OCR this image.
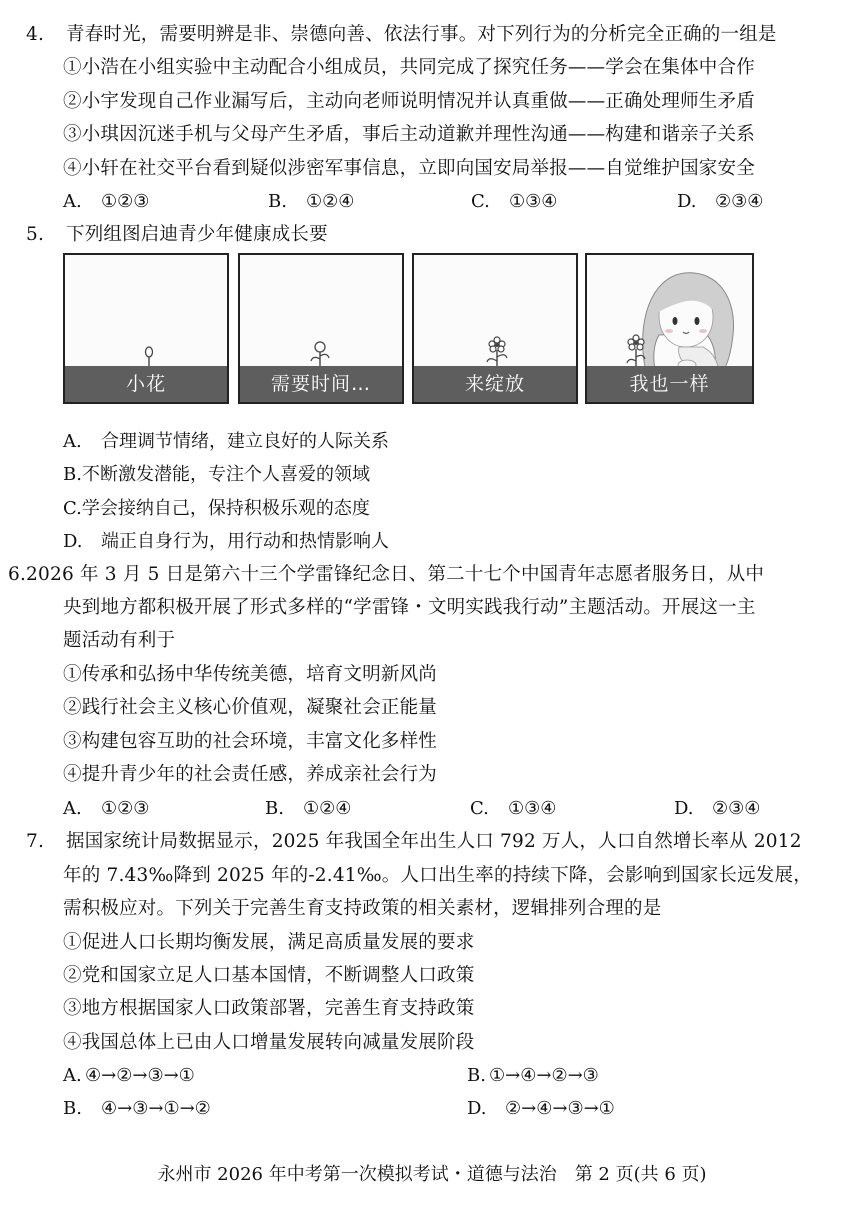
4. 青春时光，需要明辨是非、崇德向善、依法行事。对下列行为的分析完全正确的一组是
①小浩在小组实验中主动配合小组成员，共同完成了探究任务——学会在集体中合作
②小宇发现自己作业漏写后，主动向老师说明情况并认真重做——正确处理师生矛盾
③小琪因沉迷手机与父母产生矛盾，事后主动道歉并理性沟通——构建和谐亲子关系
④小轩在社交平台看到疑似涉密军事信息，立即向国安局举报——自觉维护国家安全
A. ①②③	B. ①②④	C. ①③④	D. ②③④
5. 下列组图启迪青少年健康成长要
小花	需要时间…	来绽放	我也一样
A. 合理调节情绪，建立良好的人际关系
B.不断激发潜能，专注个人喜爱的领域
C.学会接纳自己，保持积极乐观的态度
D. 端正自身行为，用行动和热情影响人
6.2026 年 3 月 5 日是第六十三个学雷锋纪念日、第二十七个中国青年志愿者服务日，从中
央到地方都积极开展了形式多样的“学雷锋・文明实践我行动”主题活动。开展这一主
题活动有利于
①传承和弘扬中华传统美德，培育文明新风尚
②践行社会主义核心价值观，凝聚社会正能量
③构建包容互助的社会环境，丰富文化多样性
④提升青少年的社会责任感，养成亲社会行为
A. ①②③	B. ①②④	C. ①③④	D. ②③④
7. 据国家统计局数据显示，2025 年我国全年出生人口 792 万人，人口自然增长率从 2012
年的 7.43‰降到 2025 年的-2.41‰。人口出生率的持续下降，会影响到国家长远发展，
需积极应对。下列关于完善生育支持政策的相关素材，逻辑排列合理的是
①促进人口长期均衡发展，满足高质量发展的要求
②党和国家立足人口基本国情，不断调整人口政策
③地方根据国家人口政策部署，完善生育支持政策
④我国总体上已由人口增量发展转向减量发展阶段
A. ④→②→③→①	B. ①→④→②→③
B. ④→③→①→②	D. ②→④→③→①
永州市 2026 年中考第一次模拟考试・道德与法治　第 2 页(共 6 页)
